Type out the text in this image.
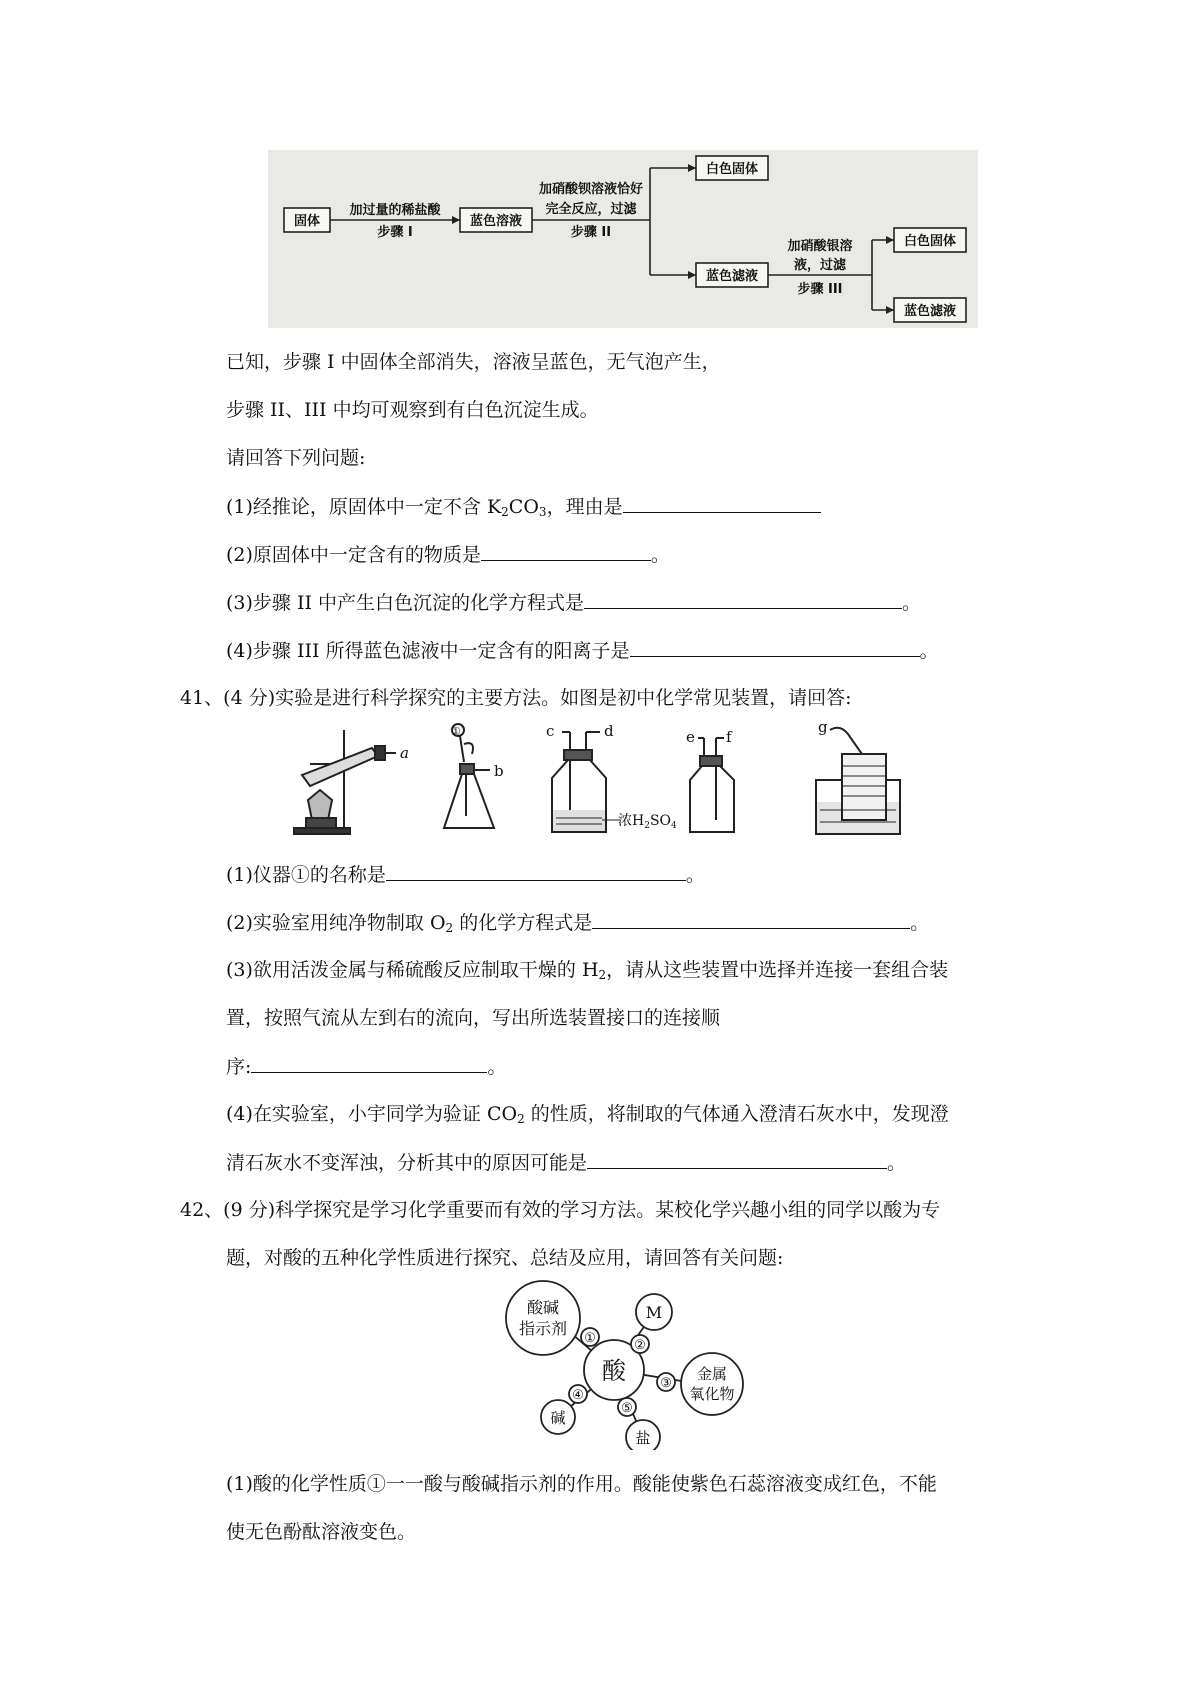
固体
加过量的稀盐酸
步骤 I
蓝色溶液
加硝酸钡溶液恰好
完全反应，过滤
步骤 II
白色固体
蓝色滤液
加硝酸银溶
液，过滤
步骤 III
白色固体
蓝色滤液
已知，步骤 I 中固体全部消失，溶液呈蓝色，无气泡产生，
步骤 II、III 中均可观察到有白色沉淀生成。
请回答下列问题:
(1)经推论，原固体中一定不含 $K_2CO_3$，理由是
(2)原固体中一定含有的物质是	。
(3)步骤 II 中产生白色沉淀的化学方程式是	。
(4)步骤 III 所得蓝色滤液中一定含有的阳离子是	。
41、(4 分)实验是进行科学探究的主要方法。如图是初中化学常见装置，请回答:
a
①
b
c	d
浓$H_2SO_4$
e f
g
(1)仪器①的名称是	。
(2)实验室用纯净物制取 $O_2$ 的化学方程式是	。
(3)欲用活泼金属与稀硫酸反应制取干燥的 $H_2$，请从这些装置中选择并连接一套组合装
置，按照气流从左到右的流向，写出所选装置接口的连接顺
序:	。
(4)在实验室，小宇同学为验证 $CO_2$ 的性质，将制取的气体通入澄清石灰水中，发现澄
清石灰水不变浑浊，分析其中的原因可能是	。
42、(9 分)科学探究是学习化学重要而有效的学习方法。某校化学兴趣小组的同学以酸为专
题，对酸的五种化学性质进行探究、总结及应用，请回答有关问题:
酸
酸碱
指示剂
M
金属
氧化物
碱
盐
①	②
③
④
⑤
(1)酸的化学性质①一一酸与酸碱指示剂的作用。酸能使紫色石蕊溶液变成红色，不能
使无色酚酞溶液变色。
